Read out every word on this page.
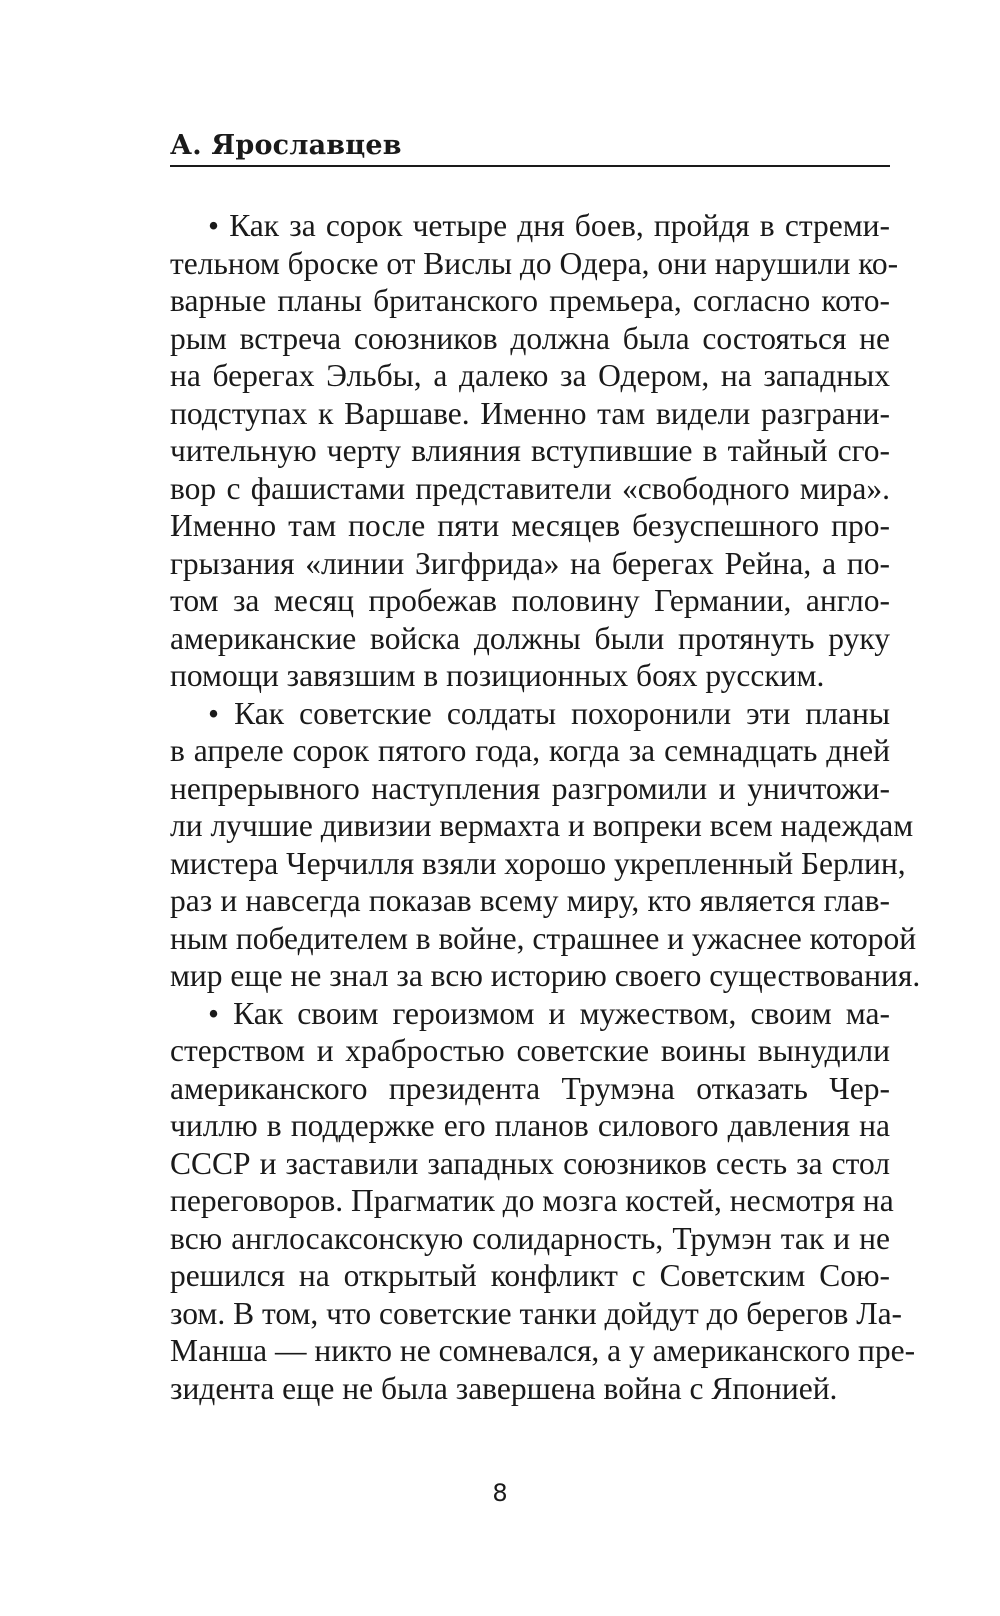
А. Ярославцев
• Как за сорок четыре дня боев, пройдя в стреми-
тельном броске от Вислы до Одера, они нарушили ко-
варные планы британского премьера, согласно кото-
рым встреча союзников должна была состояться не
на берегах Эльбы, а далеко за Одером, на западных
подступах к Варшаве. Именно там видели разграни-
чительную черту влияния вступившие в тайный сго-
вор с фашистами представители «свободного мира».
Именно там после пяти месяцев безуспешного про-
грызания «линии Зигфрида» на берегах Рейна, а по-
том за месяц пробежав половину Германии, англо-
американские войска должны были протянуть руку
помощи завязшим в позиционных боях русским.
• Как советские солдаты похоронили эти планы
в апреле сорок пятого года, когда за семнадцать дней
непрерывного наступления разгромили и уничтожи-
ли лучшие дивизии вермахта и вопреки всем надеждам
мистера Черчилля взяли хорошо укрепленный Берлин,
раз и навсегда показав всему миру, кто является глав-
ным победителем в войне, страшнее и ужаснее которой
мир еще не знал за всю историю своего существования.
• Как своим героизмом и мужеством, своим ма-
стерством и храбростью советские воины вынудили
американского президента Трумэна отказать Чер-
чиллю в поддержке его планов силового давления на
СССР и заставили западных союзников сесть за стол
переговоров. Прагматик до мозга костей, несмотря на
всю англосаксонскую солидарность, Трумэн так и не
решился на открытый конфликт с Советским Сою-
зом. В том, что советские танки дойдут до берегов Ла-
Манша — никто не сомневался, а у американского пре-
зидента еще не была завершена война с Японией.
8
